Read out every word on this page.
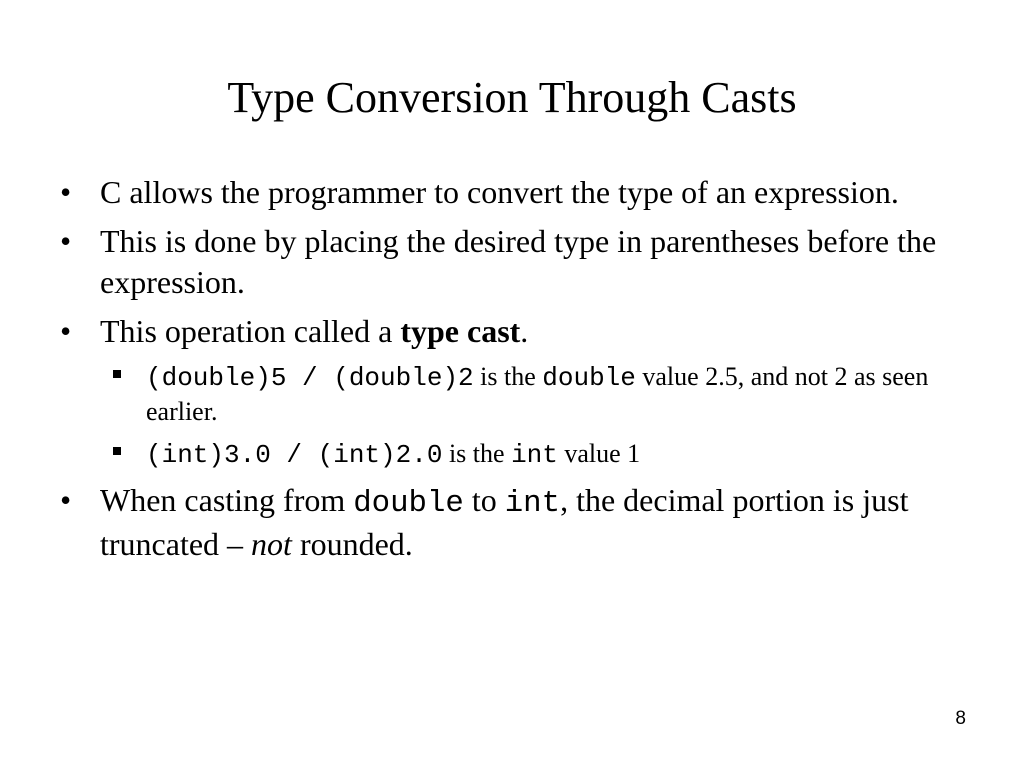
Type Conversion Through Casts
• C allows the programmer to convert the type of an expression.
• This is done by placing the desired type in parentheses before the expression.
• This operation called a type cast.
(double)5 / (double)2 is the double value 2.5, and not 2 as seen earlier.
(int)3.0 / (int)2.0 is the int value 1
• When casting from double to int, the decimal portion is just truncated – not rounded.
8
